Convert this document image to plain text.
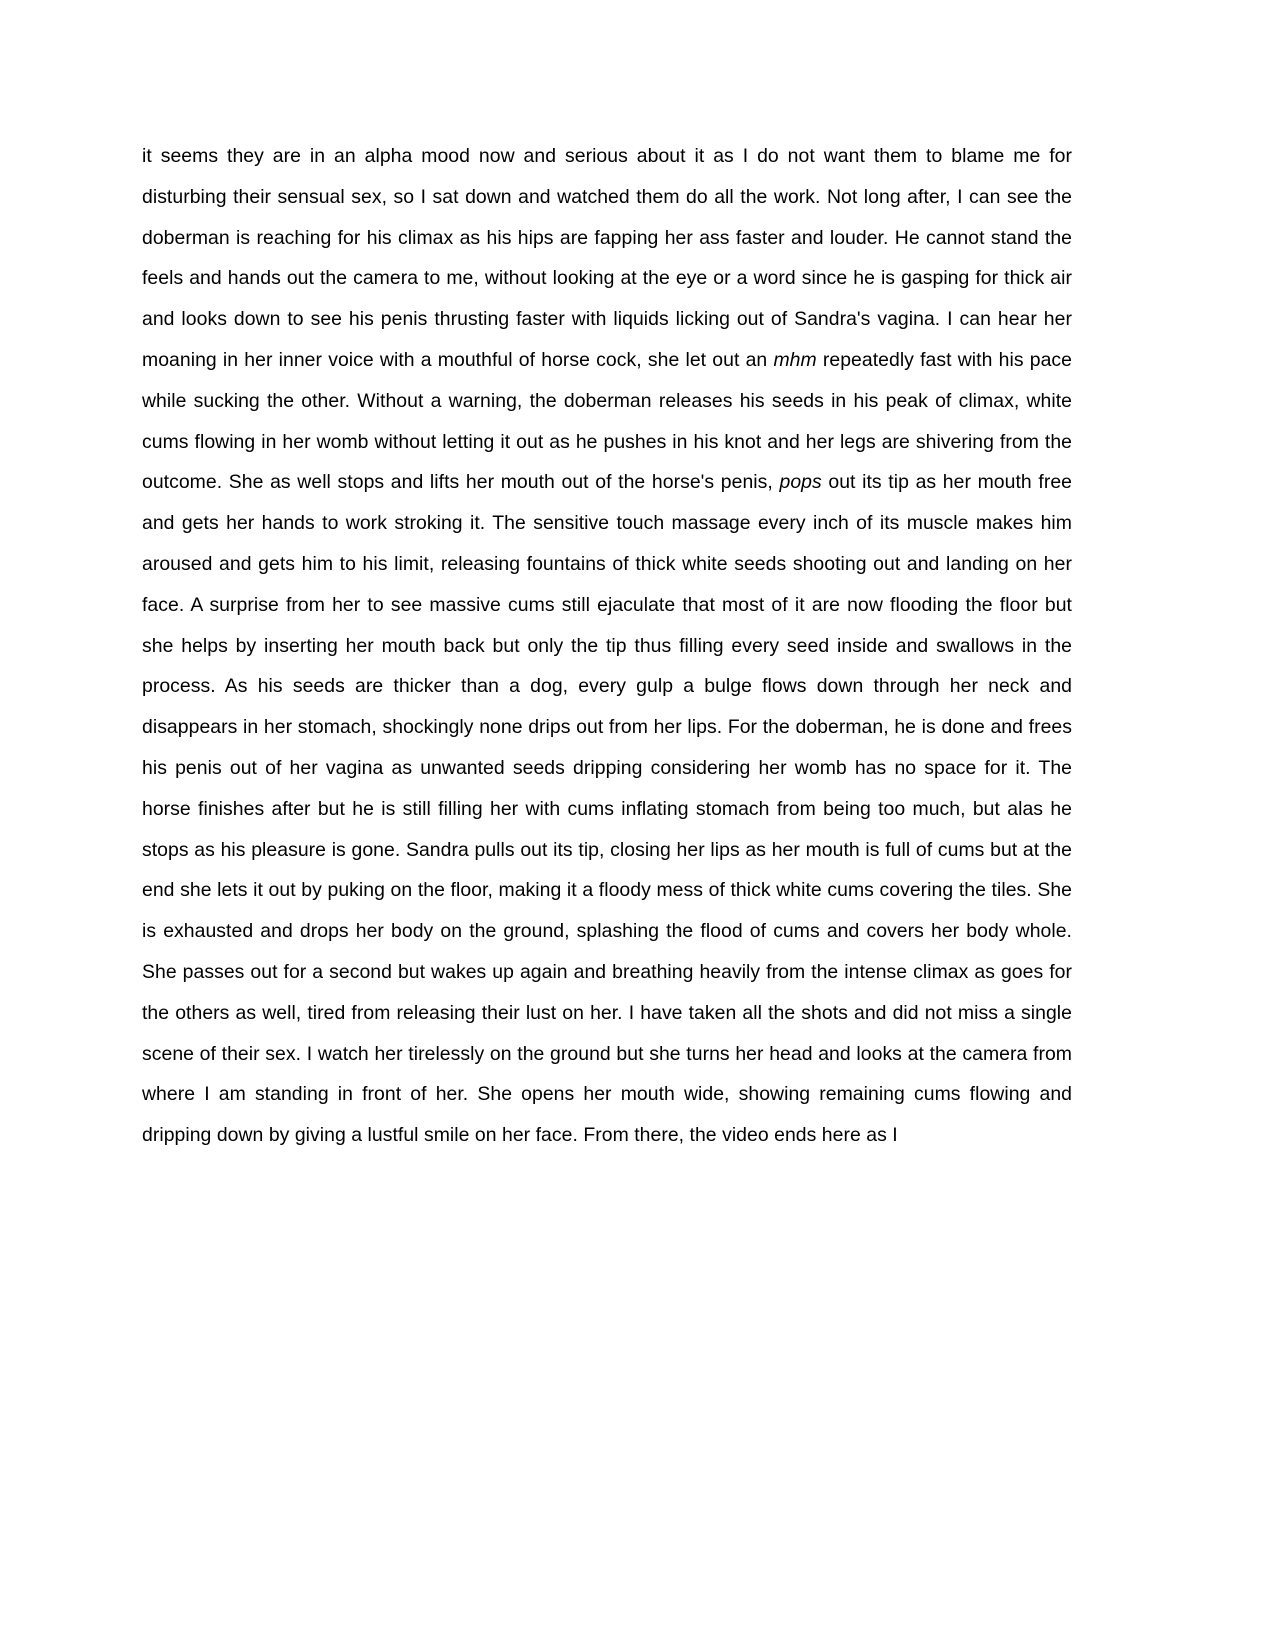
it seems they are in an alpha mood now and serious about it as I do not want them to blame me for disturbing their sensual sex, so I sat down and watched them do all the work. Not long after, I can see the doberman is reaching for his climax as his hips are fapping her ass faster and louder. He cannot stand the feels and hands out the camera to me, without looking at the eye or a word since he is gasping for thick air and looks down to see his penis thrusting faster with liquids licking out of Sandra's vagina. I can hear her moaning in her inner voice with a mouthful of horse cock, she let out an mhm repeatedly fast with his pace while sucking the other. Without a warning, the doberman releases his seeds in his peak of climax, white cums flowing in her womb without letting it out as he pushes in his knot and her legs are shivering from the outcome. She as well stops and lifts her mouth out of the horse's penis, pops out its tip as her mouth free and gets her hands to work stroking it. The sensitive touch massage every inch of its muscle makes him aroused and gets him to his limit, releasing fountains of thick white seeds shooting out and landing on her face. A surprise from her to see massive cums still ejaculate that most of it are now flooding the floor but she helps by inserting her mouth back but only the tip thus filling every seed inside and swallows in the process. As his seeds are thicker than a dog, every gulp a bulge flows down through her neck and disappears in her stomach, shockingly none drips out from her lips. For the doberman, he is done and frees his penis out of her vagina as unwanted seeds dripping considering her womb has no space for it. The horse finishes after but he is still filling her with cums inflating stomach from being too much, but alas he stops as his pleasure is gone. Sandra pulls out its tip, closing her lips as her mouth is full of cums but at the end she lets it out by puking on the floor, making it a floody mess of thick white cums covering the tiles. She is exhausted and drops her body on the ground, splashing the flood of cums and covers her body whole. She passes out for a second but wakes up again and breathing heavily from the intense climax as goes for the others as well, tired from releasing their lust on her. I have taken all the shots and did not miss a single scene of their sex. I watch her tirelessly on the ground but she turns her head and looks at the camera from where I am standing in front of her. She opens her mouth wide, showing remaining cums flowing and dripping down by giving a lustful smile on her face. From there, the video ends here as I
